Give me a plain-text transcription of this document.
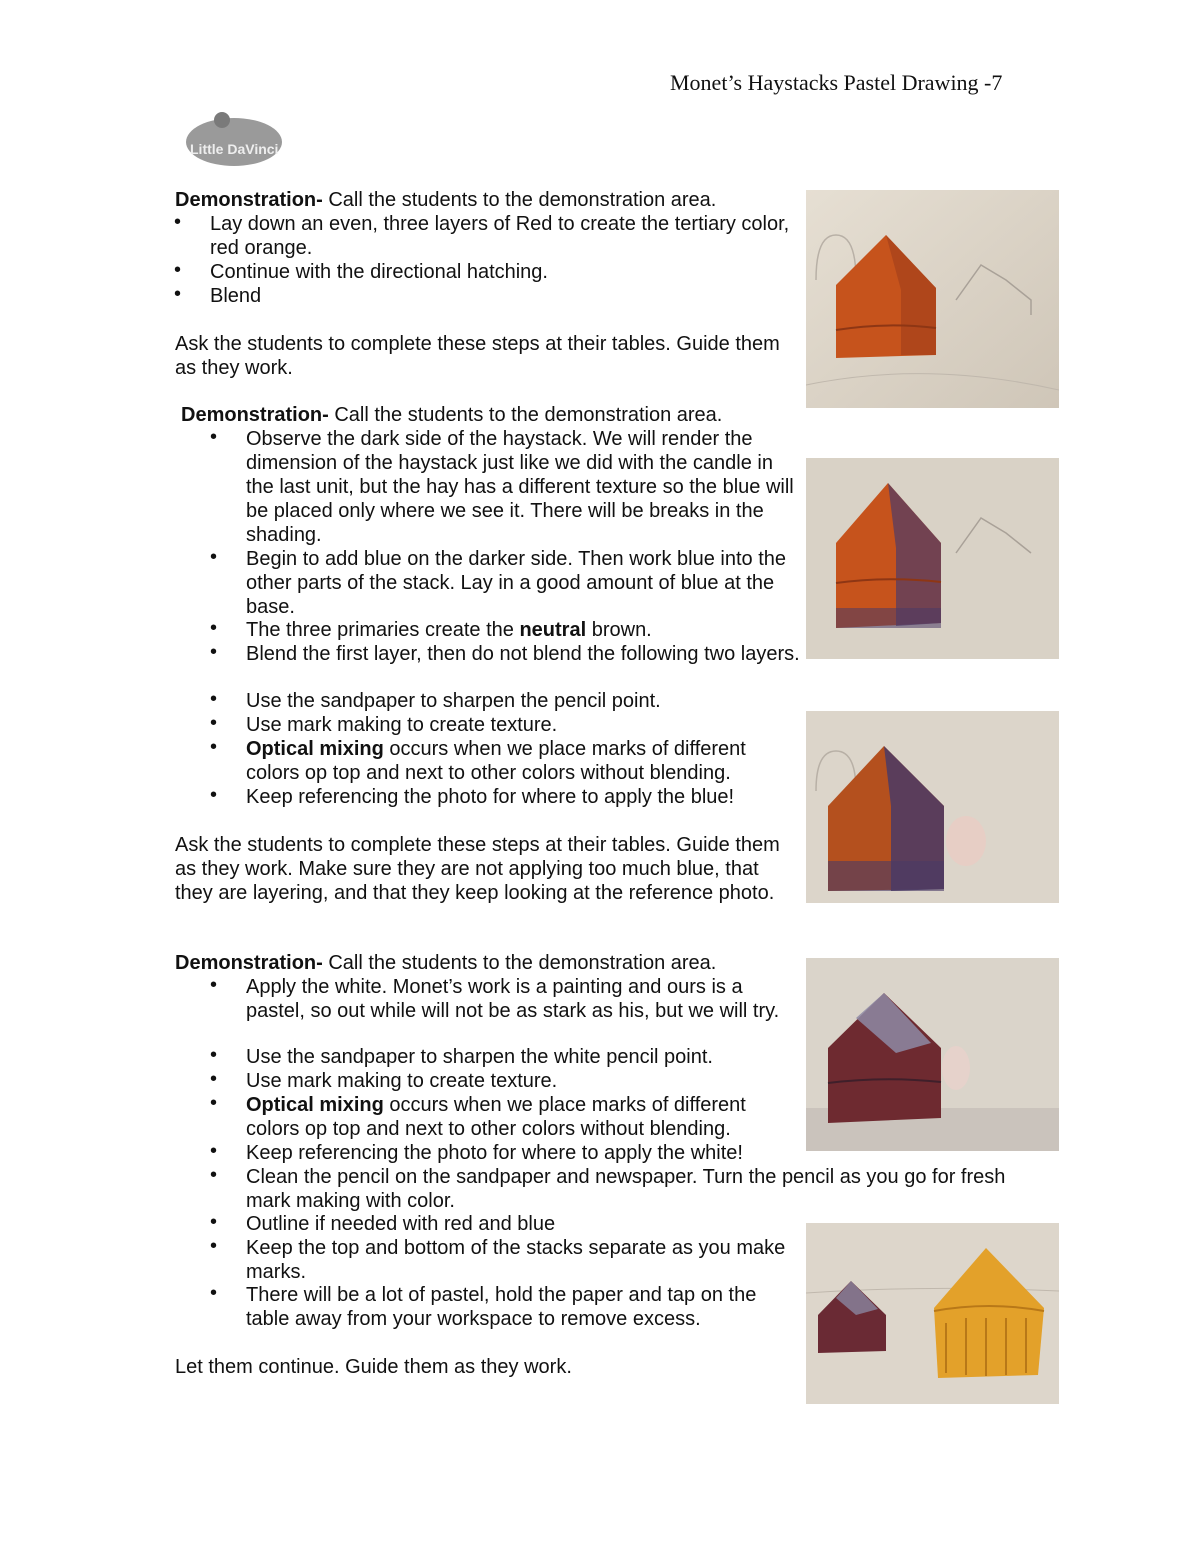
Monet’s Haystacks Pastel Drawing -7
Little DaVinci
Demonstration- Call the students to the demonstration area.
• Lay down an even, three layers of Red to create the tertiary color, red orange.
• Continue with the directional hatching.
• Blend
Ask the students to complete these steps at their tables. Guide them as they work.
Demonstration- Call the students to the demonstration area.
• Observe the dark side of the haystack. We will render the dimension of the haystack just like we did with the candle in the last unit, but the hay has a different texture so the blue will be placed only where we see it. There will be breaks in the shading.
• Begin to add blue on the darker side. Then work blue into the other parts of the stack. Lay in a good amount of blue at the base.
• The three primaries create the neutral brown.
• Blend the first layer, then do not blend the following two layers.
• Use the sandpaper to sharpen the pencil point.
• Use mark making to create texture.
• Optical mixing occurs when we place marks of different colors op top and next to other colors without blending.
• Keep referencing the photo for where to apply the blue!
Ask the students to complete these steps at their tables. Guide them as they work. Make sure they are not applying too much blue, that they are layering, and that they keep looking at the reference photo.
Demonstration- Call the students to the demonstration area.
• Apply the white. Monet’s work is a painting and ours is a pastel, so out while will not be as stark as his, but we will try.
• Use the sandpaper to sharpen the white pencil point.
• Use mark making to create texture.
• Optical mixing occurs when we place marks of different colors op top and next to other colors without blending.
• Keep referencing the photo for where to apply the white!
• Clean the pencil on the sandpaper and newspaper. Turn the pencil as you go for fresh mark making with color.
• Outline if needed with red and blue
• Keep the top and bottom of the stacks separate as you make marks.
• There will be a lot of pastel, hold the paper and tap on the table away from your workspace to remove excess.
Let them continue. Guide them as they work.
